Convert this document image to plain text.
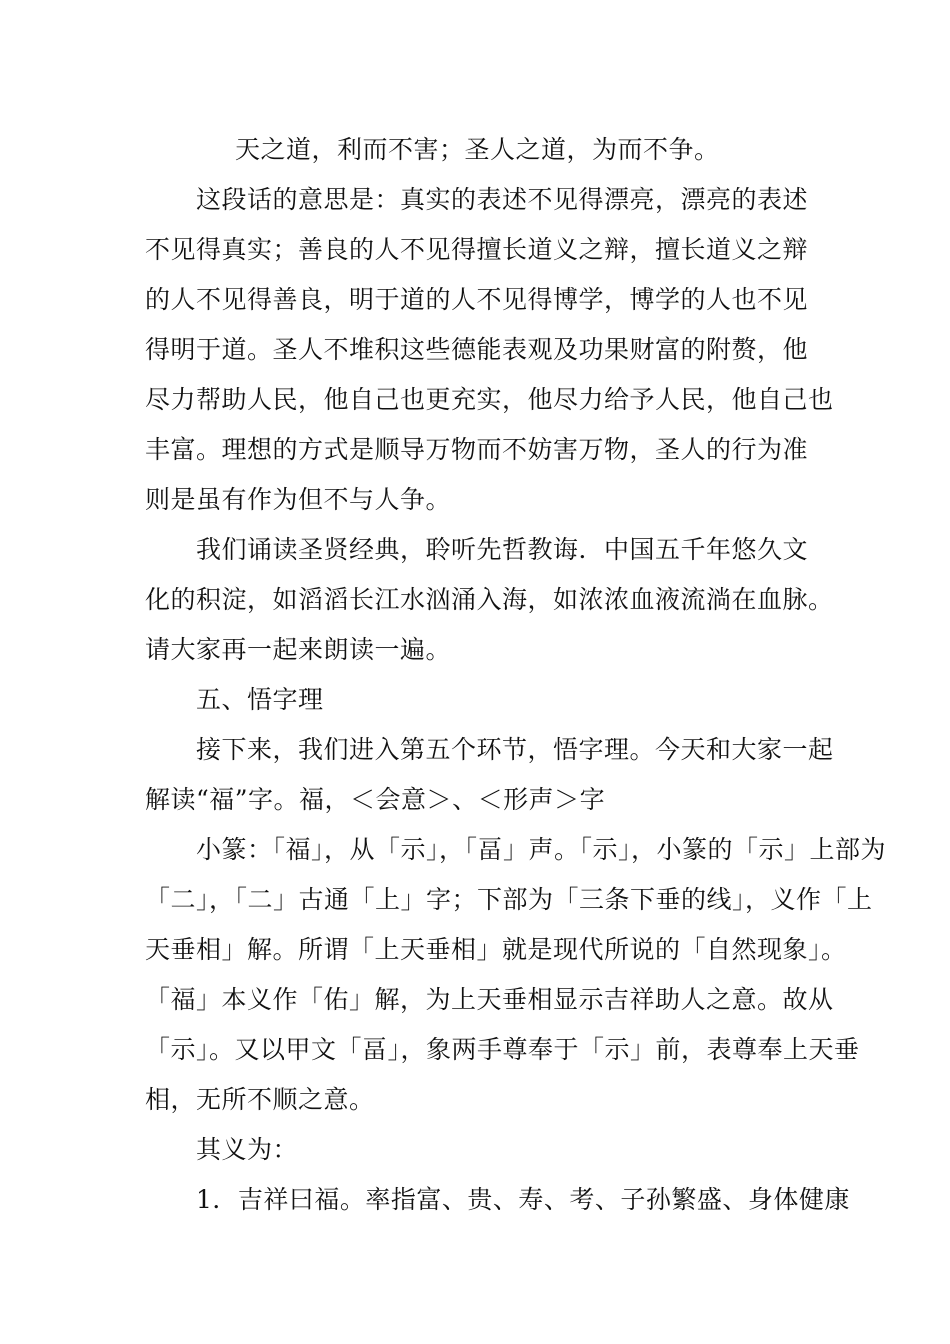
天之道，利而不害；圣人之道，为而不争。
这段话的意思是：真实的表述不见得漂亮，漂亮的表述
不见得真实；善良的人不见得擅长道义之辩，擅长道义之辩
的人不见得善良，明于道的人不见得博学，博学的人也不见
得明于道。圣人不堆积这些德能表观及功果财富的附赘，他
尽力帮助人民，他自己也更充实，他尽力给予人民，他自己也
丰富。理想的方式是顺导万物而不妨害万物，圣人的行为准
则是虽有作为但不与人争。
我们诵读圣贤经典，聆听先哲教诲．中国五千年悠久文
化的积淀，如滔滔长江水汹涌入海，如浓浓血液流淌在血脉。
请大家再一起来朗读一遍。
五、悟字理
接下来，我们进入第五个环节，悟字理。今天和大家一起
解读“福”字。福，＜会意＞、＜形声＞字
小篆：「福」，从「示」，「畐」声。「示」，小篆的「示」上部为
「二」，「二」古通「上」字；下部为「三条下垂的线」，义作「上
天垂相」解。所谓「上天垂相」就是现代所说的「自然现象」。
「福」本义作「佑」解，为上天垂相显示吉祥助人之意。故从
「示」。又以甲文「畐」，象两手尊奉于「示」前，表尊奉上天垂
相，无所不顺之意。
其义为：
1．吉祥曰福。率指富、贵、寿、考、子孙繁盛、身体健康
